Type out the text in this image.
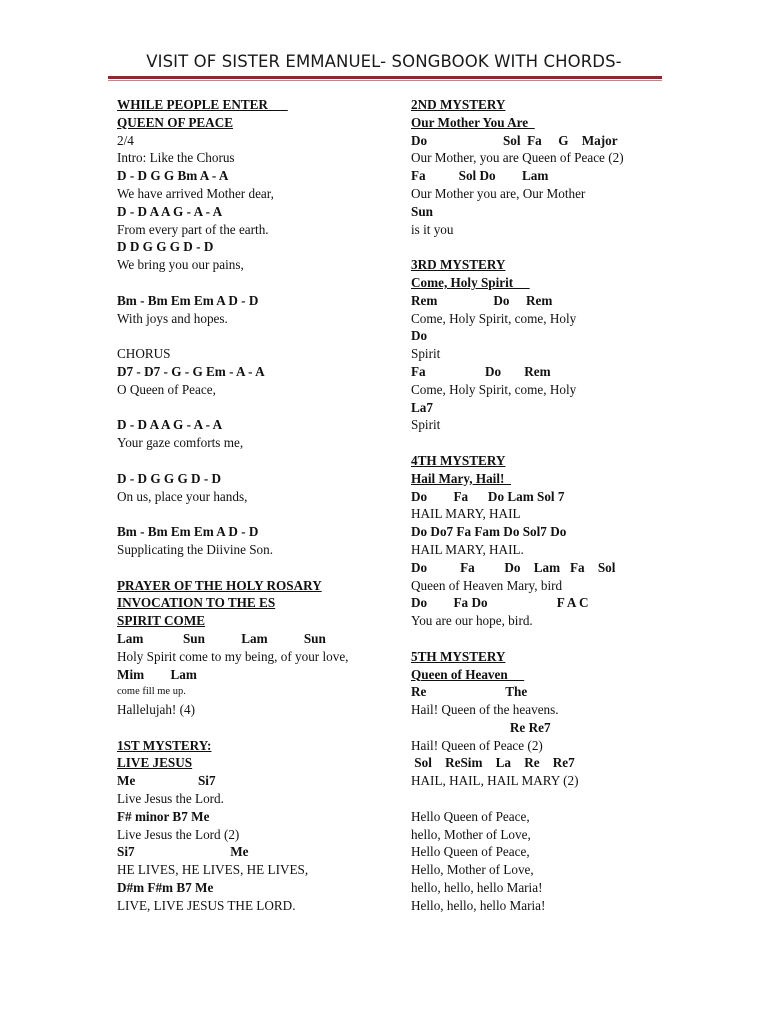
VISIT OF SISTER EMMANUEL- SONGBOOK WITH CHORDS-
WHILE PEOPLE ENTER
QUEEN OF PEACE
2/4
Intro: Like the Chorus
D - D G G Bm A - A
We have arrived Mother dear,
D - D A A G - A - A
From every part of the earth.
D D G G G D - D
We bring you our pains,
Bm - Bm Em Em A D - D
With joys and hopes.
CHORUS
D7 - D7 - G - G Em - A - A
O Queen of Peace,
D - D A A G - A - A
Your gaze comforts me,
D - D G G G D - D
On us, place your hands,
Bm - Bm Em Em A D - D
Supplicating the Diivine Son.
PRAYER OF THE HOLY ROSARY
INVOCATION TO THE ES
SPIRIT COME
Lam            Sun           Lam           Sun
Holy Spirit come to my being, of your love,
Mim        Lam
come fill me up.
Hallelujah! (4)
1ST MYSTERY:
LIVE JESUS
Me                   Si7
Live Jesus the Lord.
F# minor B7 Me
Live Jesus the Lord (2)
Si7                             Me
HE LIVES, HE LIVES, HE LIVES,
D#m F#m B7 Me
LIVE, LIVE JESUS THE LORD.
2ND MYSTERY
Our Mother You Are
Do                       Sol  Fa     G    Major
Our Mother, you are Queen of Peace (2)
Fa          Sol Do        Lam
Our Mother you are, Our Mother
Sun
is it you
3RD MYSTERY
Come, Holy Spirit
Rem                 Do     Rem
Come, Holy Spirit, come, Holy
Do
Spirit
Fa                  Do       Rem
Come, Holy Spirit, come, Holy
La7
Spirit
4TH MYSTERY
Hail Mary, Hail!
Do        Fa      Do Lam Sol 7
HAIL MARY, HAIL
Do Do7 Fa Fam Do Sol7 Do
HAIL MARY, HAIL.
Do          Fa         Do    Lam   Fa    Sol
Queen of Heaven Mary, bird
Do        Fa Do                     F A C
You are our hope, bird.
5TH MYSTERY
Queen of Heaven
Re                        The
Hail! Queen of the heavens.
Re Re7
Hail! Queen of Peace (2)
Sol    ReSim    La    Re    Re7
HAIL, HAIL, HAIL MARY (2)
Hello Queen of Peace,
hello, Mother of Love,
Hello Queen of Peace,
Hello, Mother of Love,
hello, hello, hello Maria!
Hello, hello, hello Maria!
